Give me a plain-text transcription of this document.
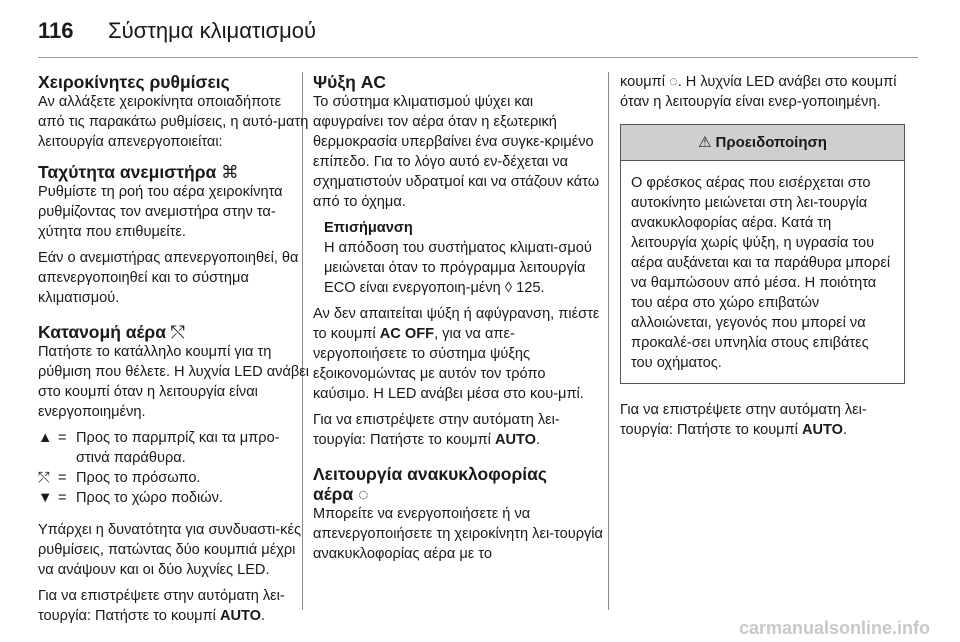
116	Σύστημα κλιματισμού
Χειροκίνητες ρυθμίσεις

Αν αλλάξετε χειροκίνητα οποιαδήποτε από τις παρακάτω ρυθμίσεις, η αυτό-ματη λειτουργία απενεργοποιείται:

Ταχύτητα ανεμιστήρα ⌘

Ρυθμίστε τη ροή του αέρα χειροκίνητα ρυθμίζοντας τον ανεμιστήρα στην τα-χύτητα που επιθυμείτε.

Εάν ο ανεμιστήρας απενεργοποιηθεί, θα απενεργοποιηθεί και το σύστημα κλιματισμού.

Κατανομή αέρα ⤲

Πατήστε το κατάλληλο κουμπί για τη ρύθμιση που θέλετε. Η λυχνία LED ανάβει στο κουμπί όταν η λειτουργία είναι ενεργοποιημένη.

▲ = Προς το παρμπρίζ και τα μπρο-στινά παράθυρα.
⤲ = Προς το πρόσωπο.
▼ = Προς το χώρο ποδιών.

Υπάρχει η δυνατότητα για συνδυαστι-κές ρυθμίσεις, πατώντας δύο κουμπιά μέχρι να ανάψουν και οι δύο λυχνίες LED.

Για να επιστρέψετε στην αυτόματη λει-τουργία: Πατήστε το κουμπί AUTO.

Ψύξη AC

Το σύστημα κλιματισμού ψύχει και αφυγραίνει τον αέρα όταν η εξωτερική θερμοκρασία υπερβαίνει ένα συγκε-κριμένο επίπεδο. Για το λόγο αυτό εν-δέχεται να σχηματιστούν υδρατμοί και να στάζουν κάτω από το όχημα.

Επισήμανση
Η απόδοση του συστήματος κλιματι-σμού μειώνεται όταν το πρόγραμμα λειτουργία ECO είναι ενεργοποιη-μένη ◊ 125.

Αν δεν απαιτείται ψύξη ή αφύγρανση, πιέστε το κουμπί AC OFF, για να απε-νεργοποιήσετε το σύστημα ψύξης εξοικονομώντας με αυτόν τον τρόπο καύσιμο. Η LED ανάβει μέσα στο κου-μπί.

Για να επιστρέψετε στην αυτόματη λει-τουργία: Πατήστε το κουμπί AUTO.

Λειτουργία ανακυκλοφορίας
αέρα ◌

Μπορείτε να ενεργοποιήσετε ή να απενεργοποιήσετε τη χειροκίνητη λει-τουργία ανακυκλοφορίας αέρα με το

κουμπί ◌. Η λυχνία LED ανάβει στο κουμπί όταν η λειτουργία είναι ενερ-γοποιημένη.

⚠ Προειδοποίηση
Ο φρέσκος αέρας που εισέρχεται στο αυτοκίνητο μειώνεται στη λει-τουργία ανακυκλοφορίας αέρα. Κατά τη λειτουργία χωρίς ψύξη, η υγρασία του αέρα αυξάνεται και τα παράθυρα μπορεί να θαμπώσουν από μέσα. Η ποιότητα του αέρα στο χώρο επιβατών αλλοιώνεται, γεγονός που μπορεί να προκαλέ-σει υπνηλία στους επιβάτες του οχήματος.

Για να επιστρέψετε στην αυτόματη λει-τουργία: Πατήστε το κουμπί AUTO.

carmanualsonline.info
